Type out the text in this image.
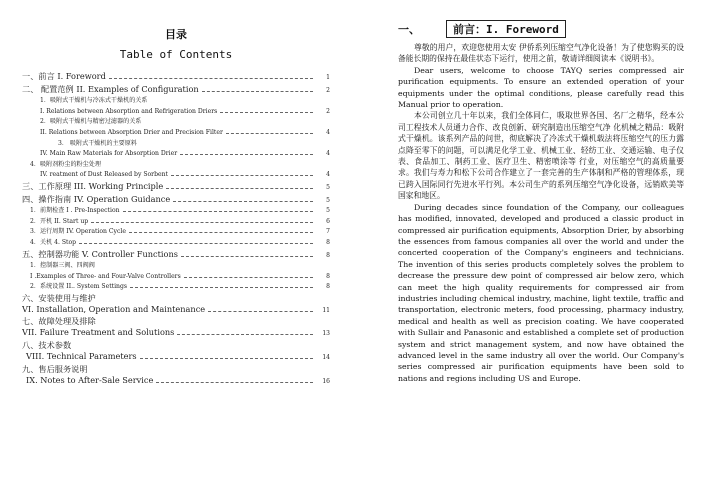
目录
Table of Contents
一、前言 I. Foreword	1
二、 配置范例 II. Examples of Configuration	2
1．吸附式干燥机与冷冻式干燥机的关系
I. Relations between Absorption and Refrigeration Driers	2
2．吸附式干燥机与精密过滤器的关系
II. Relations between Absorption Drier and Precision Filter	4
3． 吸附式干燥机的主要原料
IV. Main Raw Materials for Absorption Drier	4
4．吸附剂粉尘的粉尘处理
IV. reatment of Dust Released by Sorbent	4
三、工作原理 III. Working Principle	5
四、操作指南 IV. Operation Guidance	5
1．前期检查 I . Pre-Inspection	5
2．开机 II. Start up	6
3．运行周期 IV. Operation Cycle	7
4．关机 4. Stop	8
五、控制器功能 V. Controller Functions	8
1．控制器三阀、四阀阀
I .Examples of Three- and Four-Valve Controllers	8
2．系统设置 II.. System Settings	8
六、安装使用与维护
VI. Installation, Operation and Maintenance	11
七、故障处理及排除
VII. Failure Treatment and Solutions	13
八、技术参数
VIII. Technical Parameters	14
九、售后服务说明
IX. Notes to After-Sale Service	16
一、	前言：I. Foreword

尊敬的用户，欢迎您使用太安 伊侨系列压缩空气净化设备！为了使您购买的设备能长期的保持在最佳状态下运行，使用之前，敬请详细阅读本《说明书》。

Dear users, welcome to choose TAYQ series compressed air purification equipments. To ensure an extended operation of your equipments under the optimal conditions, please carefully read this Manual prior to operation.

本公司创立几十年以来，我们全体同仁，吸取世界各国、名厂之精华，经本公司工程技术人员通力合作、改良创新、研究制造出压缩空气净 化机械之精品：吸附式干燥机。该系列产品的问世，彻底解决了冷冻式干燥机载法将压缩空气的压力露点降至零下的问题，可以满足化学工业、机械工业、轻纺工业、交通运输、电子仪表、食品加工、制药工业、医疗卫生、精密喷涂等 行业，对压缩空气的高质量要求。我们与寿力和松下公司合作建立了一套完善的生产体制和严格的管理体系，现已跨入国际同行先进水平行列。本公司生产的系列压缩空气净化设备，远销欧美等国家和地区。

During decades since foundation of the Company, our colleagues has modified, innovated, developed and produced a classic product in compressed air purification equipments, Absorption Drier, by absorbing the essences from famous companies all over the world and under the concerted cooperation of the Company's engineers and technicians. The invention of this series products completely solves the problem to decrease the pressure dew point of compressed air below zero, which can meet the high quality requirements for compressed air from industries including chemical industry, machine, light textile, traffic and transportation, electronic meters, food processing, pharmacy industry, medical and health as well as precision coating. We have cooperated with Sullair and Panasonic and established a complete set of production system and strict management system, and now have obtained the advanced level in the same industry all over the world. Our Company's series compressed air purification equipments have been sold to nations and regions including US and Europe.
